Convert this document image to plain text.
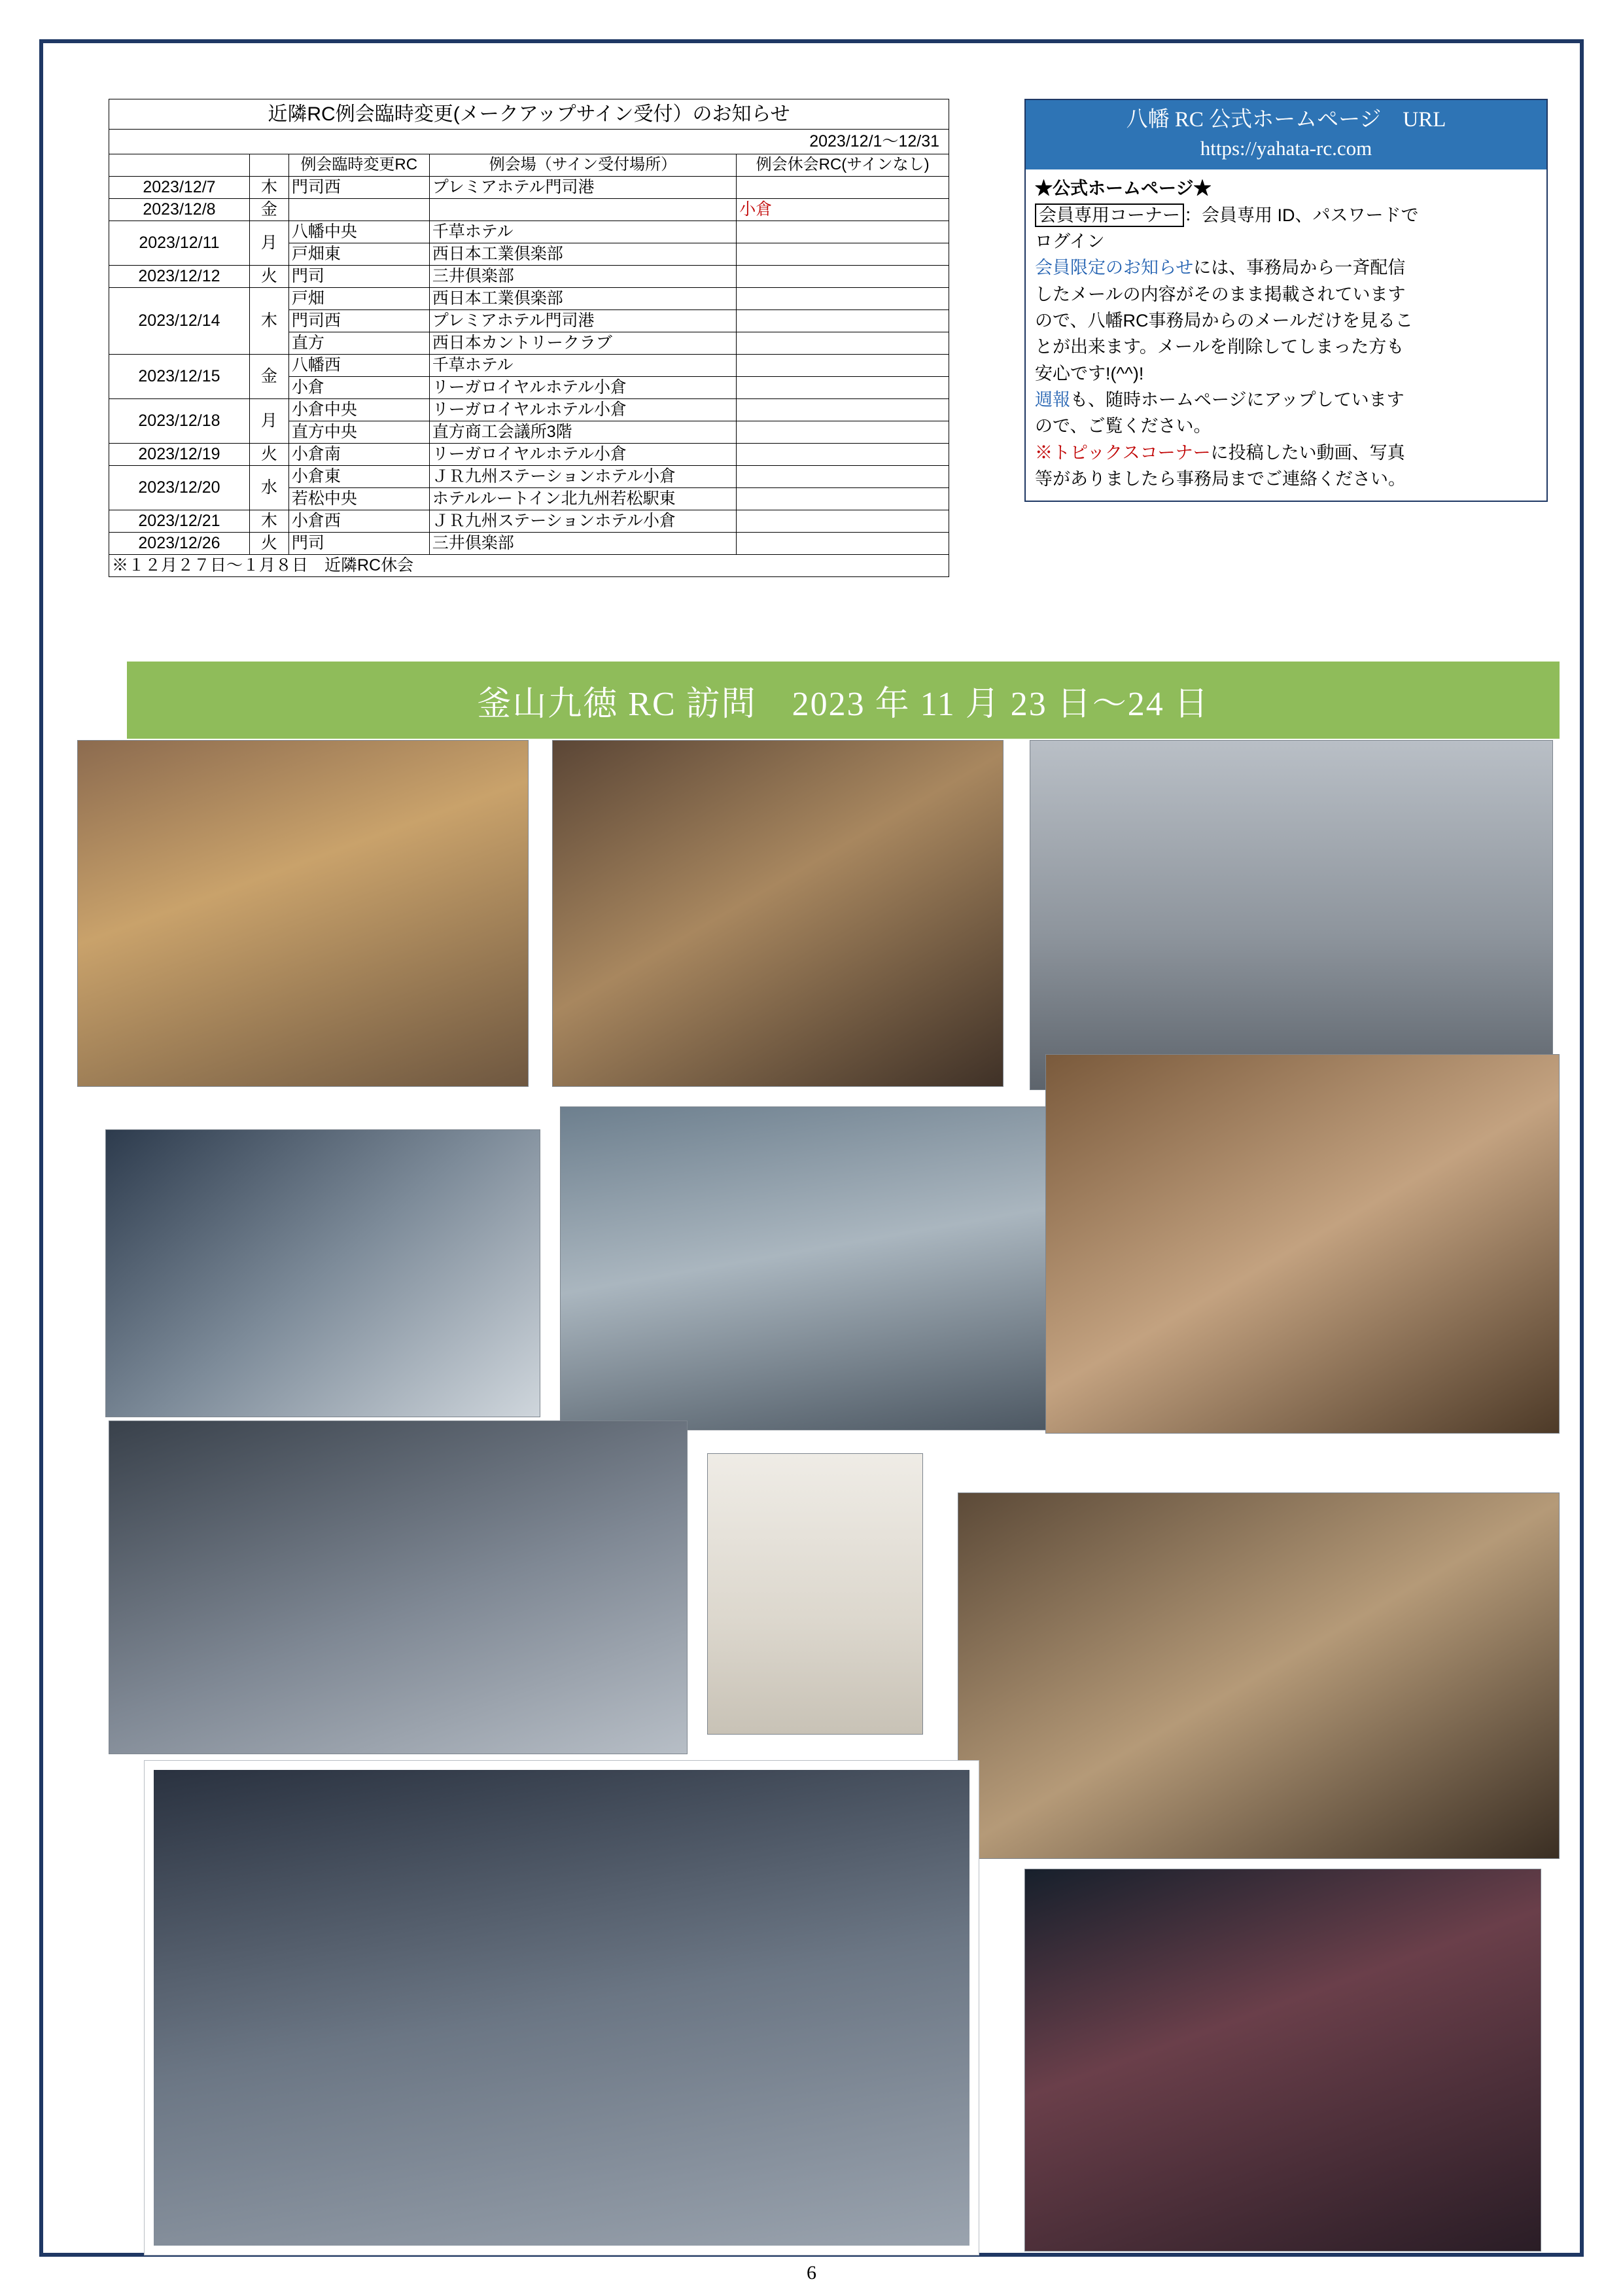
近隣RC例会臨時変更(メークアップサイン受付）のお知らせ				
2023/12/1〜12/31				
		例会臨時変更RC	例会場（サイン受付場所）	例会休会RC(サインなし)
2023/12/7	木	門司西	プレミアホテル門司港	
2023/12/8	金			小倉
2023/12/11	月	八幡中央	千草ホテル	
		戸畑東	西日本工業倶楽部	
2023/12/12	火	門司	三井倶楽部	
2023/12/14	木	戸畑	西日本工業倶楽部	
		門司西	プレミアホテル門司港	
		直方	西日本カントリークラブ	
2023/12/15	金	八幡西	千草ホテル	
		小倉	リーガロイヤルホテル小倉	
2023/12/18	月	小倉中央	リーガロイヤルホテル小倉	
		直方中央	直方商工会議所3階	
2023/12/19	火	小倉南	リーガロイヤルホテル小倉	
2023/12/20	水	小倉東	ＪＲ九州ステーションホテル小倉	
		若松中央	ホテルルートイン北九州若松駅東	
2023/12/21	木	小倉西	ＪＲ九州ステーションホテル小倉	
2023/12/26	火	門司	三井倶楽部	
※１２月２７日〜１月８日　近隣RC休会				
八幡 RC 公式ホームページ　URL
https://yahata-rc.com

★公式ホームページ★

会員専用コーナー ：会員専用 ID、パスワードで

ログイン

会員限定のお知らせには、事務局から一斉配信

したメールの内容がそのまま掲載されています

ので、八幡RC事務局からのメールだけを見るこ

とが出来ます。メールを削除してしまった方も

安心です!(^^)!

週報も、随時ホームページにアップしています

ので、ご覧ください。

※トピックスコーナーに投稿したい動画、写真

等がありましたら事務局までご連絡ください。

釜山九徳 RC 訪問　2023 年 11 月 23 日〜24 日
6
